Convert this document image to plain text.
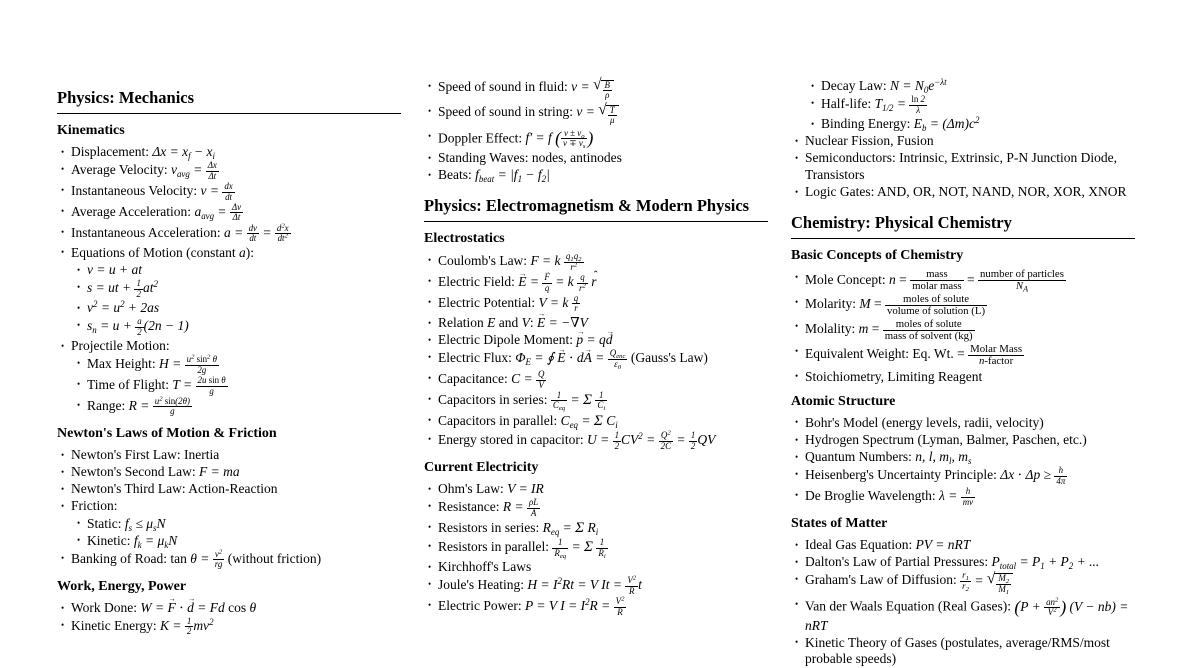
Physics: Mechanics
Kinematics
• Displacement: $\Delta x = x_f - x_i$
• Average Velocity: $v_{avg} = \frac{\Delta x}{\Delta t}$
• Instantaneous Velocity: $v = \frac{dx}{dt}$
• Average Acceleration: $a_{avg} = \frac{\Delta v}{\Delta t}$
• Instantaneous Acceleration: $a = \frac{dv}{dt} = \frac{d^2x}{dt^2}$
• Equations of Motion (constant a):
• v = u + at
• s = ut + $\frac{1}{2} at^2$
• $v^2 = u^2 + 2as$
• $s_n = u + \frac{a}{2} (2n - 1)$
• Projectile Motion:
• Max Height: $H = \frac{u^2 \sin^2 \theta}{2g}$
• Time of Flight: $T = \frac{\text{2u sin θ}}{g}$
• Range: $R = \frac{u^2 \sin(2\theta)}{g}$
Newton's Laws of Motion & Friction
• Newton's First Law: Inertia
• Newton's Second Law: F = ma
• Newton's Third Law: Action-Reaction
• Friction:
• Static: $f_s \le \mu_sN$
• Kinetic: $f_k = \mu_kN$
• Banking of Road: $\tan \theta = \frac{v^2}{rg}$ (without friction)
Work, Energy, Power
• Work Done: W = F → ⋅ d → = Fd cos θ
• Kinetic Energy: $K = \frac{1}{2} mv^2$
• Speed of sound in fluid: v = √ $\frac{B}{\rho}$
• Speed of sound in string: v = √ $\frac{T}{\mu}$
• Doppler Effect: f′ = f ( $\frac{v \pm v_o}{v \mp v_s}$ )
• Standing Waves: nodes, antinodes
• Beats: $f_{beat} = |f_1 - f_2|$
Physics: Electromagnetism & Modern Physics
Electrostatics
• Coulomb's Law: F = k $\frac{q_1q_2}{r^2}$
• Electric Field: E → = $\frac{F \to}{q} = k \frac{q}{r^2}$ r ˆ
• Electric Potential: V = k $\frac{q}{r}$
• Relation E and V: E → = −∇V
• Electric Dipole Moment: p → = qd →
• Electric Flux: $\Phi_E$ = ∮ E → ⋅ dA → = $Q_{enc}$
$\varepsilon_0$
(Gauss's Law)
• Capacitance: $C = \frac{Q}{V}$
• Capacitors in series: 1
$C_{eq}$
= Σ $\frac{1}{C_i}$
• Capacitors in parallel: $C_{eq} = \Sigma$ $C_i$
• Energy stored in capacitor: $U = \frac{1}{2} CV^2 = \frac{Q^2}{2C} = \frac{1}{2}$ QV
Current Electricity
• Ohm's Law: V = IR
• Resistance: $R = \frac{\rho L}{A}$
• Resistors in series: $R_{eq} = \Sigma$ $R_i$
• Resistors in parallel: 1
$R_{eq}$
= Σ $\frac{1}{R_i}$
• Kirchhoff's Laws
• Joule's Heating: $H = I^2Rt = V$ $It = \frac{V^2}{R}$ t
• Electric Power: P = V $I = I^2R = \frac{V^2}{R}$
• Decay Law: $N = N_0e^{-\lambda t}$
• Half-life: $T_{1/2} = \frac{\ln 2}{\lambda}$
• Binding Energy: $E_b = (\Delta m)c^2$
• Nuclear Fission, Fusion
• Semiconductors: Intrinsic, Extrinsic, P-N Junction Diode, Transistors
• Logic Gates: AND, OR, NOT, NAND, NOR, XOR, XNOR
Chemistry: Physical Chemistry
Basic Concepts of Chemistry
• Mole Concept: n =	mass
molar mass = number of particles
$N_A$
• Molarity: M =	moles of solute
volume of solution (L)
• Molality: m =	moles of solute
mass of solvent (kg)
• Equivalent Weight: Eq. Wt. = Molar Mass
n-factor
• Stoichiometry, Limiting Reagent
Atomic Structure
• Bohr's Model (energy levels, radii, velocity)
• Hydrogen Spectrum (Lyman, Balmer, Paschen, etc.)
• Quantum Numbers: n, l, $m_l$, $m_s$
• Heisenberg's Uncertainty Principle: $\Delta x \cdot \Delta p \ge \frac{h}{4\pi}$
• De Broglie Wavelength: $\lambda = \frac{h}{mv}$
States of Matter
• Ideal Gas Equation: PV = nRT
• Dalton's Law of Partial Pressures: $P_{total} = P_1 + P_2$ + ...
• Graham's Law of Diffusion: $\frac{r_1}{r_2}$ = √ $\frac{M_2}{M_1}$
• Van der Waals Equation (Real Gases): ($P + \frac{an^2}{V^2}$ ) (V − nb) = nRT
• Kinetic Theory of Gases (postulates, average/RMS/most probable speeds)
